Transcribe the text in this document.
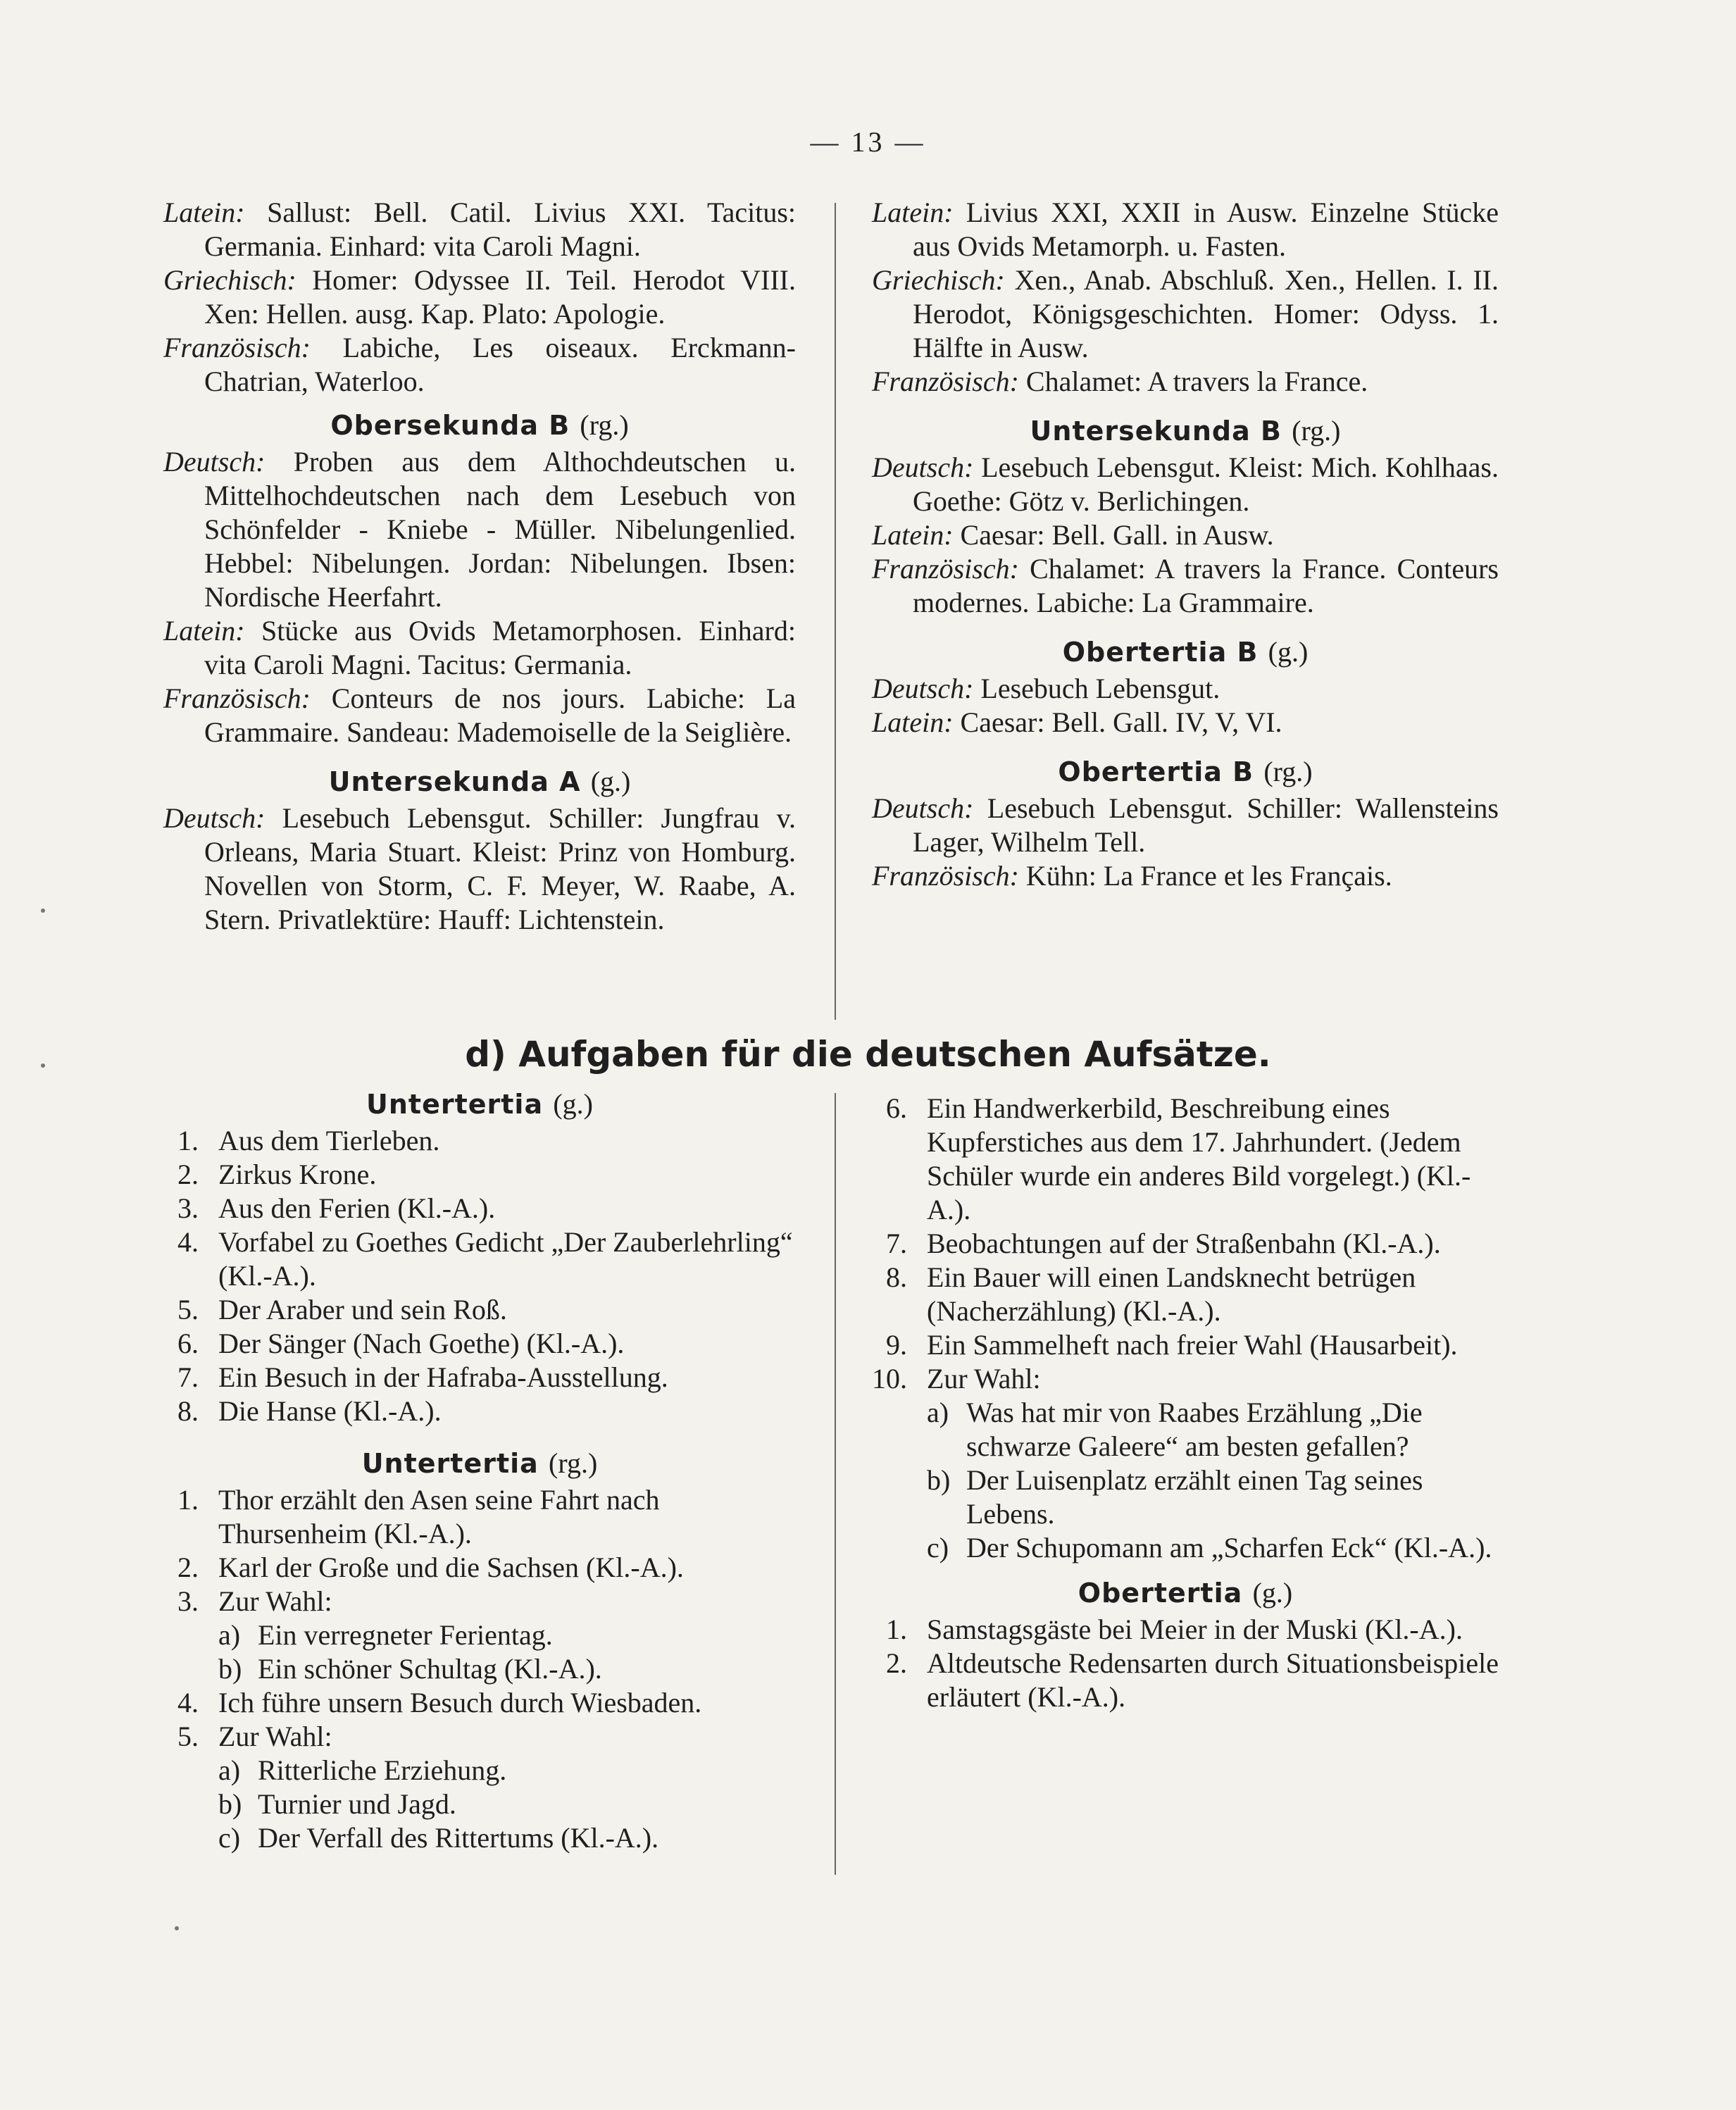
— 13 —

Latein: Sallust: Bell. Catil. Livius XXI. Tacitus: Germania. Einhard: vita Caroli Magni.

Griechisch: Homer: Odyssee II. Teil. Herodot VIII. Xen: Hellen. ausg. Kap. Plato: Apologie.

Französisch: Labiche, Les oiseaux. Erckmann-Chatrian, Waterloo.

Obersekunda B (rg.)

Deutsch: Proben aus dem Althochdeutschen u. Mittelhochdeutschen nach dem Lesebuch von Schönfelder - Kniebe - Müller. Nibelungenlied. Hebbel: Nibelungen. Jordan: Nibelungen. Ibsen: Nordische Heerfahrt.

Latein: Stücke aus Ovids Metamorphosen. Einhard: vita Caroli Magni. Tacitus: Germania.

Französisch: Conteurs de nos jours. Labiche: La Grammaire. Sandeau: Mademoiselle de la Seiglière.

Untersekunda A (g.)

Deutsch: Lesebuch Lebensgut. Schiller: Jungfrau v. Orleans, Maria Stuart. Kleist: Prinz von Homburg. Novellen von Storm, C. F. Meyer, W. Raabe, A. Stern. Privatlektüre: Hauff: Lichtenstein.

Latein: Livius XXI, XXII in Ausw. Einzelne Stücke aus Ovids Metamorph. u. Fasten.

Griechisch: Xen., Anab. Abschluß. Xen., Hellen. I. II. Herodot, Königsgeschichten. Homer: Odyss. 1. Hälfte in Ausw.

Französisch: Chalamet: A travers la France.

Untersekunda B (rg.)

Deutsch: Lesebuch Lebensgut. Kleist: Mich. Kohlhaas. Goethe: Götz v. Berlichingen.

Latein: Caesar: Bell. Gall. in Ausw.

Französisch: Chalamet: A travers la France. Conteurs modernes. Labiche: La Grammaire.

Obertertia B (g.)

Deutsch: Lesebuch Lebensgut.

Latein: Caesar: Bell. Gall. IV, V, VI.

Obertertia B (rg.)

Deutsch: Lesebuch Lebensgut. Schiller: Wallensteins Lager, Wilhelm Tell.

Französisch: Kühn: La France et les Français.

d) Aufgaben für die deutschen Aufsätze.
Untertertia (g.)
1. Aus dem Tierleben.
2. Zirkus Krone.
3. Aus den Ferien (Kl.-A.).
4. Vorfabel zu Goethes Gedicht „Der Zauberlehrling“ (Kl.-A.).
5. Der Araber und sein Roß.
6. Der Sänger (Nach Goethe) (Kl.-A.).
7. Ein Besuch in der Hafraba-Ausstellung.
8. Die Hanse (Kl.-A.).
Untertertia (rg.)
1. Thor erzählt den Asen seine Fahrt nach Thursenheim (Kl.-A.).
2. Karl der Große und die Sachsen (Kl.-A.).
3. Zur Wahl:
a) Ein verregneter Ferientag.
b) Ein schöner Schultag (Kl.-A.).
4. Ich führe unsern Besuch durch Wiesbaden.
5. Zur Wahl:
a) Ritterliche Erziehung.
b) Turnier und Jagd.
c) Der Verfall des Rittertums (Kl.-A.).
6. Ein Handwerkerbild, Beschreibung eines Kupferstiches aus dem 17. Jahrhundert. (Jedem Schüler wurde ein anderes Bild vorgelegt.) (Kl.-A.).
7. Beobachtungen auf der Straßenbahn (Kl.-A.).
8. Ein Bauer will einen Landsknecht betrügen (Nacherzählung) (Kl.-A.).
9. Ein Sammelheft nach freier Wahl (Hausarbeit).
10. Zur Wahl:
a) Was hat mir von Raabes Erzählung „Die schwarze Galeere“ am besten gefallen?
b) Der Luisenplatz erzählt einen Tag seines Lebens.
c) Der Schupomann am „Scharfen Eck“ (Kl.-A.).
Obertertia (g.)
1. Samstagsgäste bei Meier in der Muski (Kl.-A.).
2. Altdeutsche Redensarten durch Situationsbeispiele erläutert (Kl.-A.).
